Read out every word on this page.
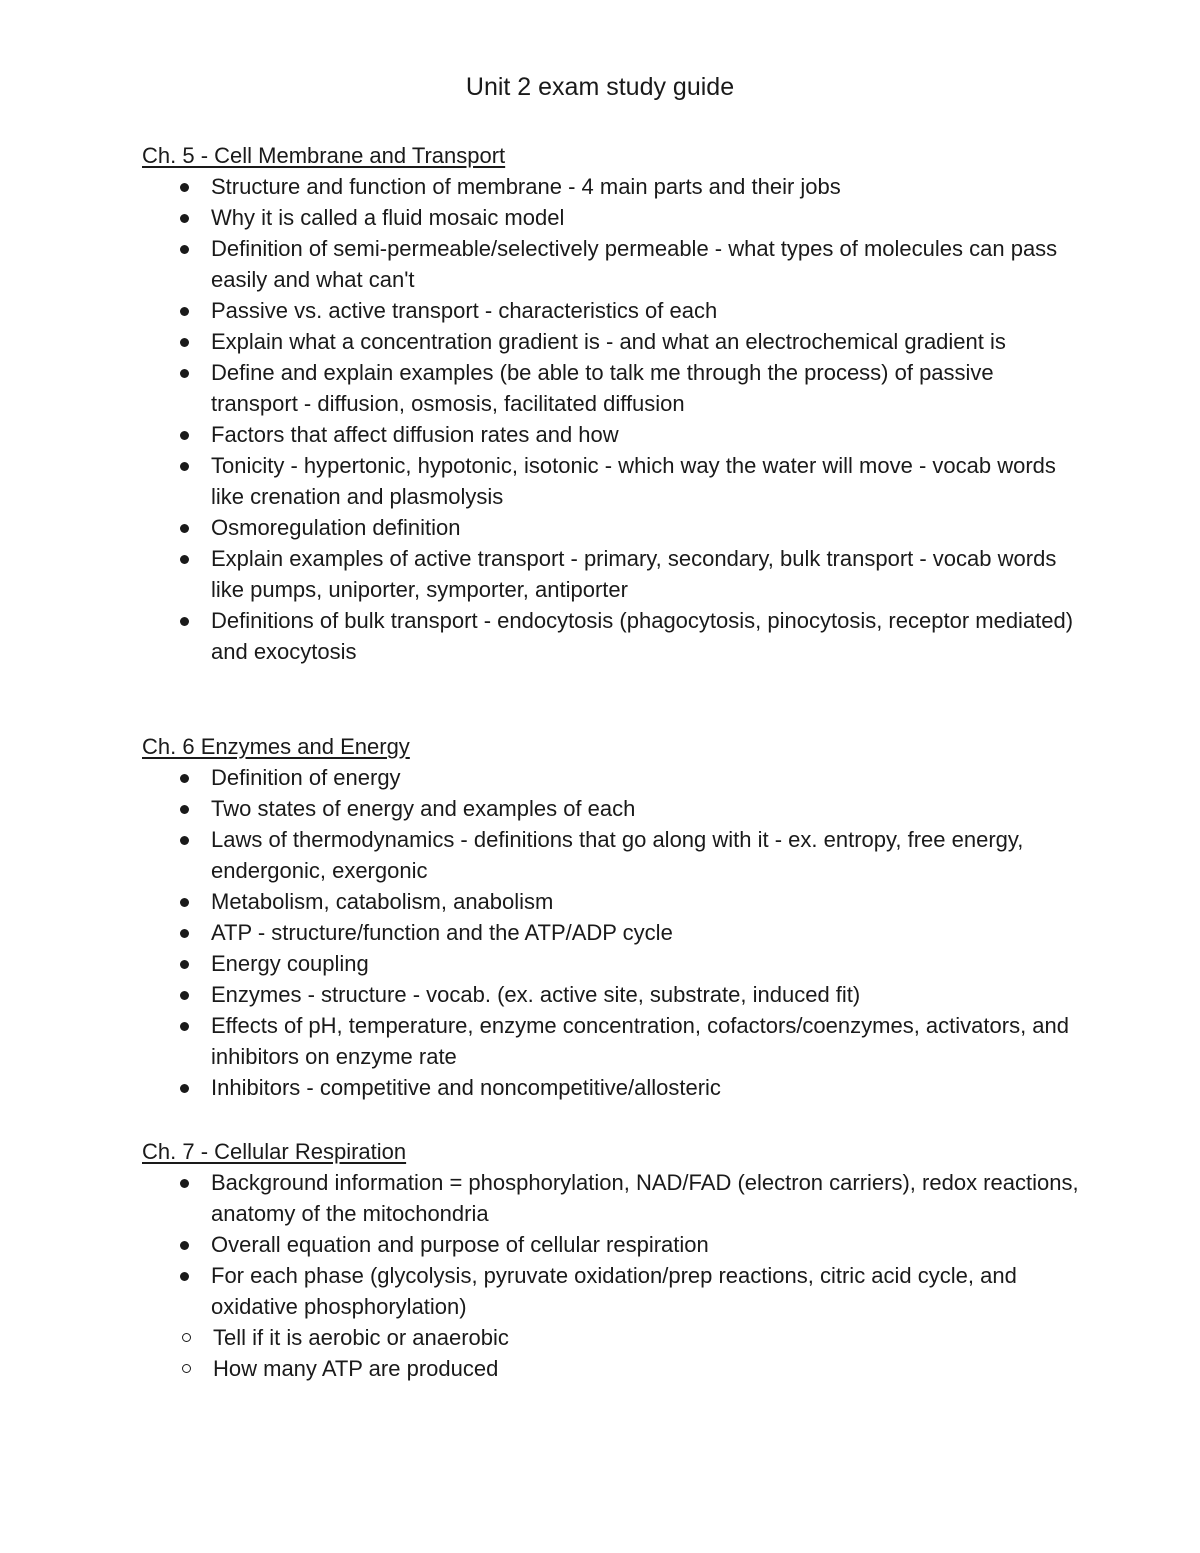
Unit 2 exam study guide
Ch. 5 - Cell Membrane and Transport
Structure and function of membrane - 4 main parts and their jobs
Why it is called a fluid mosaic model
Definition of semi-permeable/selectively permeable - what types of molecules can pass easily and what can't
Passive vs. active transport - characteristics of each
Explain what a concentration gradient is - and what an electrochemical gradient is
Define and explain examples (be able to talk me through the process) of passive transport - diffusion, osmosis, facilitated diffusion
Factors that affect diffusion rates and how
Tonicity - hypertonic, hypotonic, isotonic - which way the water will move - vocab words like crenation and plasmolysis
Osmoregulation definition
Explain examples of active transport - primary, secondary, bulk transport - vocab words like pumps, uniporter, symporter, antiporter
Definitions of bulk transport - endocytosis (phagocytosis, pinocytosis, receptor mediated) and exocytosis
Ch. 6 Enzymes and Energy
Definition of energy
Two states of energy and examples of each
Laws of thermodynamics - definitions that go along with it - ex. entropy, free energy, endergonic, exergonic
Metabolism, catabolism, anabolism
ATP - structure/function and the ATP/ADP cycle
Energy coupling
Enzymes - structure - vocab. (ex. active site, substrate, induced fit)
Effects of pH, temperature, enzyme concentration, cofactors/coenzymes, activators, and inhibitors on enzyme rate
Inhibitors - competitive and noncompetitive/allosteric
Ch. 7 - Cellular Respiration
Background information = phosphorylation, NAD/FAD (electron carriers), redox reactions, anatomy of the mitochondria
Overall equation and purpose of cellular respiration
For each phase (glycolysis, pyruvate oxidation/prep reactions, citric acid cycle, and oxidative phosphorylation)
Tell if it is aerobic or anaerobic
How many ATP are produced
